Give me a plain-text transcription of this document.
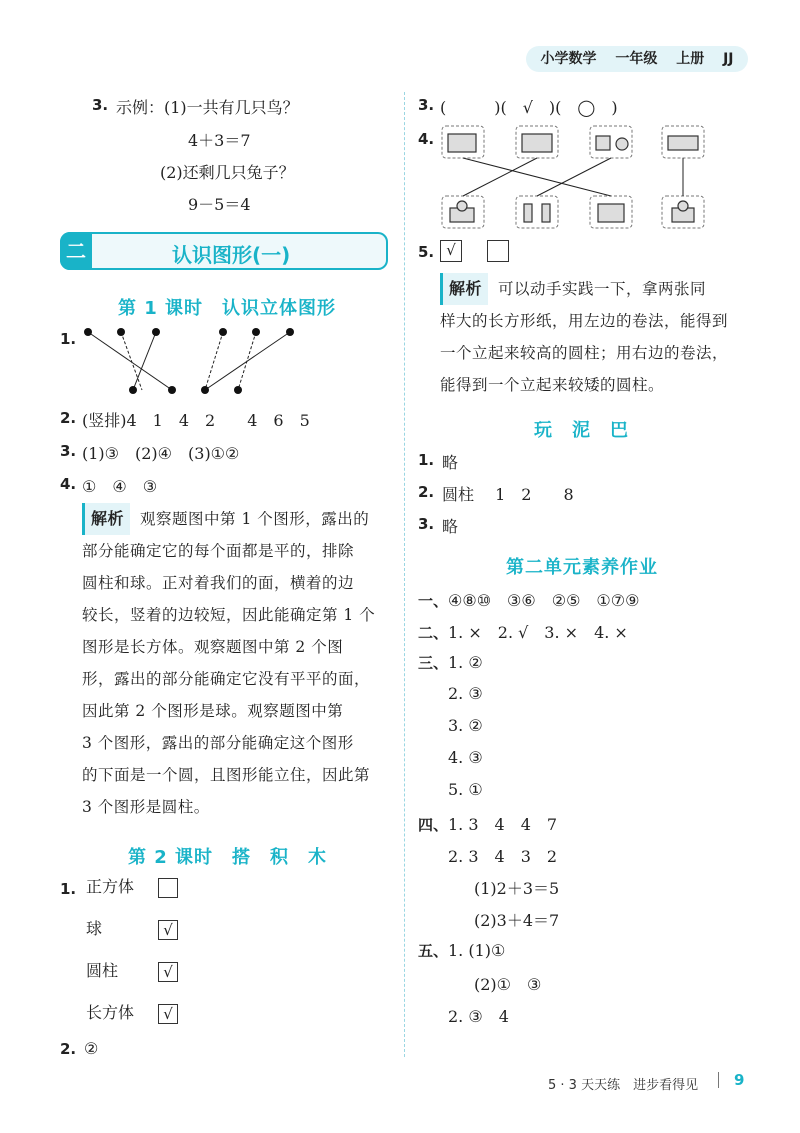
小学数学　 一年级　 上册　 JJ
3. 示例：(1)一共有几只鸟？
4＋3＝7
(2)还剩几只兔子？
9－5＝4
二	认识图形(一)
第 1 课时　认识立体图形
1.
2. (竖排)4　1　4　2　　4　6　5
3. (1)③　(2)④　(3)①②
4. ①　④　③
解析 观察题图中第 1 个图形，露出的
部分能确定它的每个面都是平的，排除
圆柱和球。正对着我们的面，横着的边
较长，竖着的边较短，因此能确定第 1 个
图形是长方体。观察题图中第 2 个图
形，露出的部分能确定它没有平平的面，
因此第 2 个图形是球。观察题图中第
3 个图形，露出的部分能确定这个图形
的下面是一个圆，且图形能立住，因此第
3 个图形是圆柱。
第 2 课时　搭　积　木
1. 正方体
球	√
圆柱	√
长方体 √
2. ②
3. (　　　)(　√　)(　◯　)
4.
5. √
解析 可以动手实践一下，拿两张同
样大的长方形纸，用左边的卷法，能得到
一个立起来较高的圆柱；用右边的卷法，
能得到一个立起来较矮的圆柱。
玩　泥　巴
1. 略
2. 圆柱　 1　2　　8
3. 略
第二单元素养作业
一、④⑧⑩　③⑥　②⑤　①⑦⑨
二、1. ×　2. √　3. ×　4. ×
三、1. ②
2. ③
3. ②
4. ③
5. ①
四、1. 3　4　4　7
2. 3　4　3　2
(1)2＋3＝5
(2)3＋4＝7
五、1. (1)①
(2)①　③
2. ③　4
5 · 3 天天练　进步看得见 9
